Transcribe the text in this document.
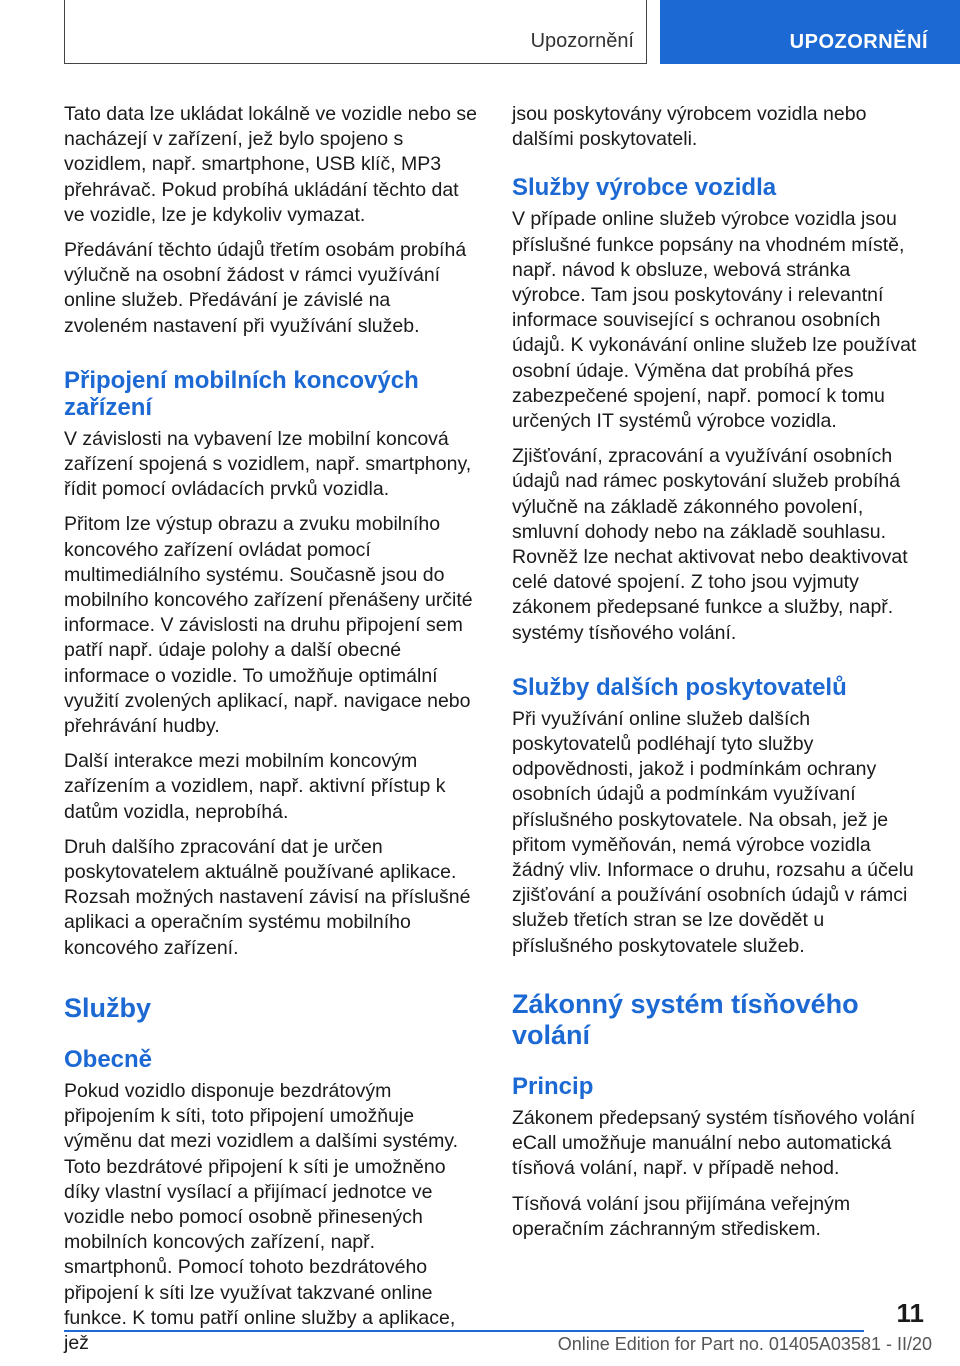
Upozornění	UPOZORNĚNÍ

Tato data lze ukládat lokálně ve vozidle nebo se nacházejí v zařízení, jež bylo spojeno s vozidlem, např. smartphone, USB klíč, MP3 přehrávač. Pokud probíhá ukládání těchto dat ve vozidle, lze je kdykoliv vymazat.

Předávání těchto údajů třetím osobám probíhá výlučně na osobní žádost v rámci využívání online služeb. Předávání je závislé na zvoleném nastavení při využívání služeb.

Připojení mobilních koncových zařízení

V závislosti na vybavení lze mobilní koncová zařízení spojená s vozidlem, např. smartphony, řídit pomocí ovládacích prvků vozidla.

Přitom lze výstup obrazu a zvuku mobilního koncového zařízení ovládat pomocí multimediálního systému. Současně jsou do mobilního koncového zařízení přenášeny určité informace. V závislosti na druhu připojení sem patří např. údaje polohy a další obecné informace o vozidle. To umožňuje optimální využití zvolených aplikací, např. navigace nebo přehrávání hudby.

Další interakce mezi mobilním koncovým zařízením a vozidlem, např. aktivní přístup k datům vozidla, neprobíhá.

Druh dalšího zpracování dat je určen poskytovatelem aktuálně používané aplikace. Rozsah možných nastavení závisí na příslušné aplikaci a operačním systému mobilního koncového zařízení.

Služby
Obecně

Pokud vozidlo disponuje bezdrátovým připojením k síti, toto připojení umožňuje výměnu dat mezi vozidlem a dalšími systémy. Toto bezdrátové připojení k síti je umožněno díky vlastní vysílací a přijímací jednotce ve vozidle nebo pomocí osobně přinesených mobilních koncových zařízení, např. smartphonů. Pomocí tohoto bezdrátového připojení k síti lze využívat takzvané online funkce. K tomu patří online služby a aplikace, jež

jsou poskytovány výrobcem vozidla nebo dalšími poskytovateli.

Služby výrobce vozidla

V případe online služeb výrobce vozidla jsou příslušné funkce popsány na vhodném místě, např. návod k obsluze, webová stránka výrobce. Tam jsou poskytovány i relevantní informace související s ochranou osobních údajů. K vykonávání online služeb lze používat osobní údaje. Výměna dat probíhá přes zabezpečené spojení, např. pomocí k tomu určených IT systémů výrobce vozidla.

Zjišťování, zpracování a využívání osobních údajů nad rámec poskytování služeb probíhá výlučně na základě zákonného povolení, smluvní dohody nebo na základě souhlasu. Rovněž lze nechat aktivovat nebo deaktivovat celé datové spojení. Z toho jsou vyjmuty zákonem předepsané funkce a služby, např. systémy tísňového volání.

Služby dalších poskytovatelů

Při využívání online služeb dalších poskytovatelů podléhají tyto služby odpovědnosti, jakož i podmínkám ochrany osobních údajů a podmínkám využívaní příslušného poskytovatele. Na obsah, jež je přitom vyměňován, nemá výrobce vozidla žádný vliv. Informace o druhu, rozsahu a účelu zjišťování a používání osobních údajů v rámci služeb třetích stran se lze dovědět u příslušného poskytovatele služeb.

Zákonný systém tísňového volání
Princip

Zákonem předepsaný systém tísňového volání eCall umožňuje manuální nebo automatická tísňová volání, např. v případě nehod.

Tísňová volání jsou přijímána veřejným operačním záchranným střediskem.

11
Online Edition for Part no. 01405A03581 - II/20
